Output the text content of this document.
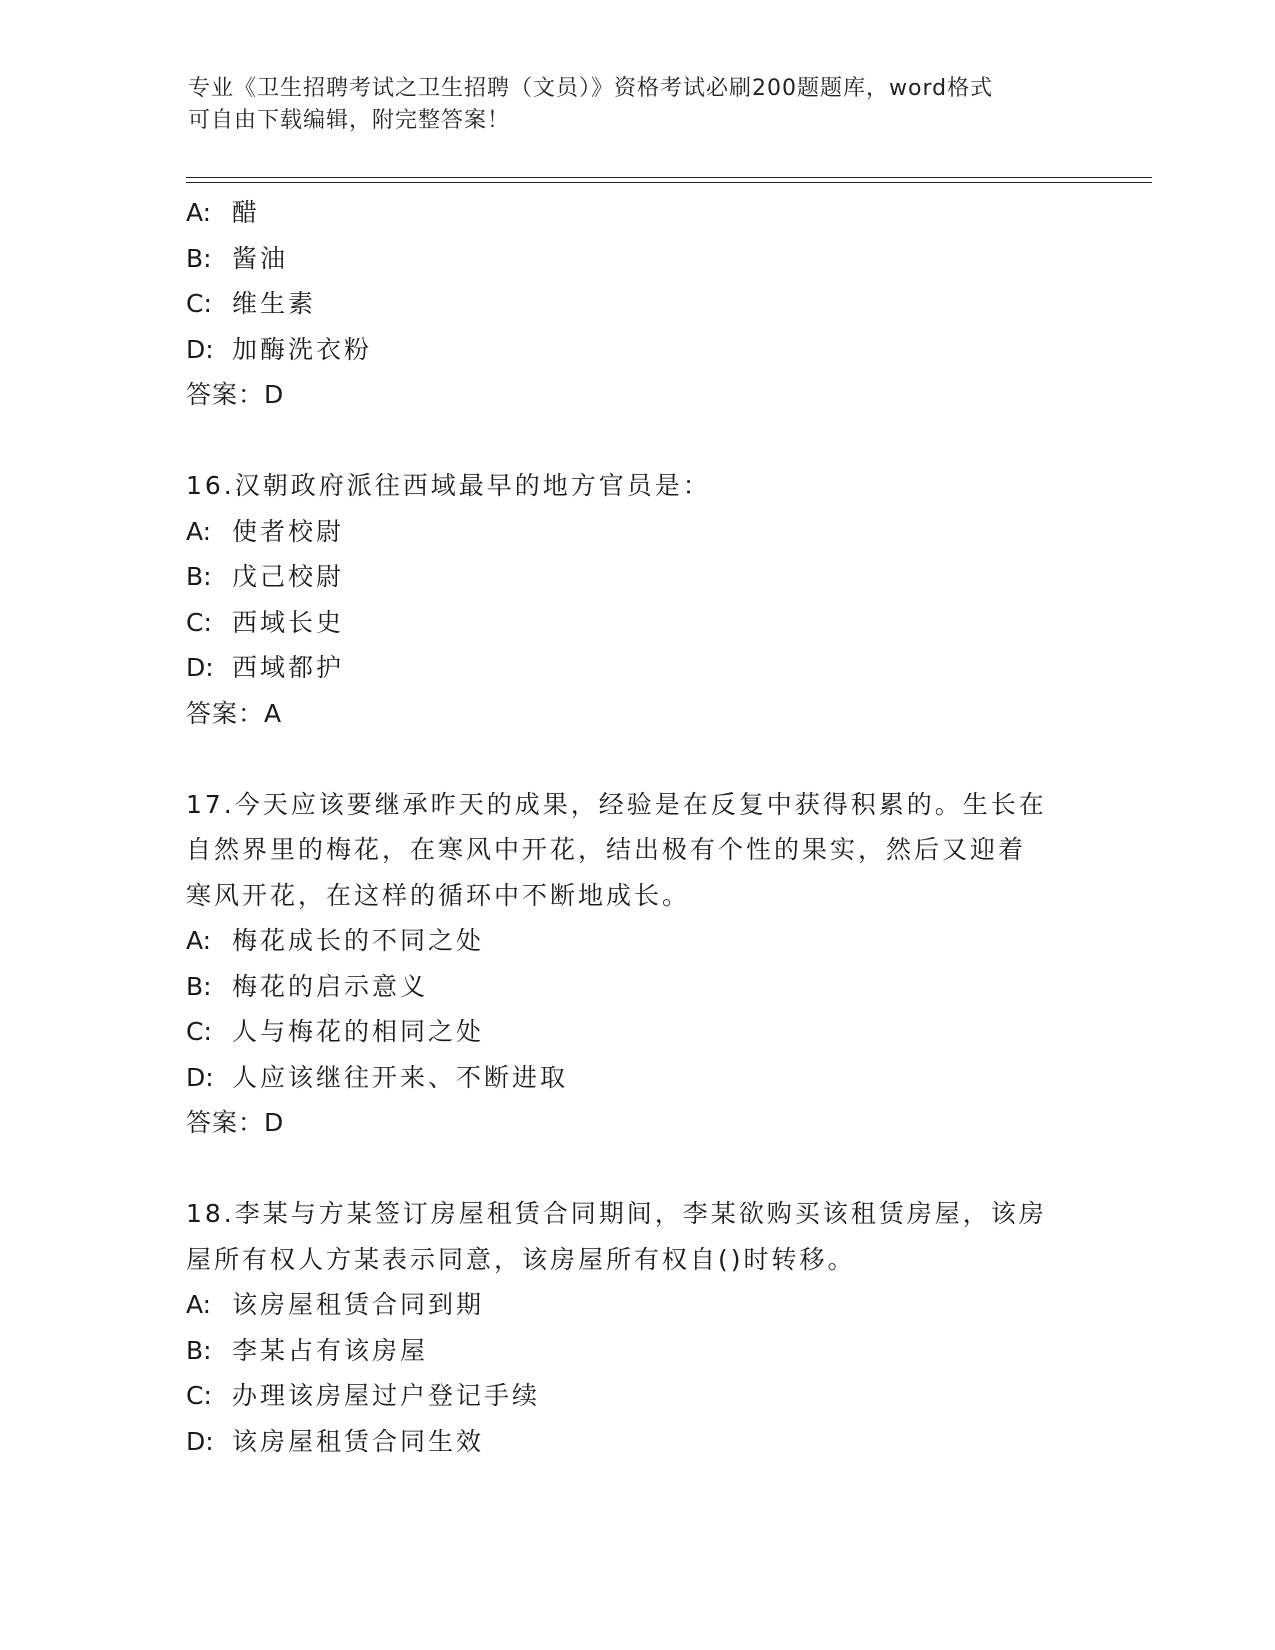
专业《卫生招聘考试之卫生招聘（文员）》资格考试必刷200题题库，word格式
可自由下载编辑，附完整答案！
A: 醋
B: 酱油
C: 维生素
D: 加酶洗衣粉
答案：D
16.汉朝政府派往西域最早的地方官员是：
A: 使者校尉
B: 戊己校尉
C: 西域长史
D: 西域都护
答案：A
17.今天应该要继承昨天的成果，经验是在反复中获得积累的。生长在
自然界里的梅花，在寒风中开花，结出极有个性的果实，然后又迎着
寒风开花，在这样的循环中不断地成长。
A: 梅花成长的不同之处
B: 梅花的启示意义
C: 人与梅花的相同之处
D: 人应该继往开来、不断进取
答案：D
18.李某与方某签订房屋租赁合同期间，李某欲购买该租赁房屋，该房
屋所有权人方某表示同意，该房屋所有权自()时转移。
A: 该房屋租赁合同到期
B: 李某占有该房屋
C: 办理该房屋过户登记手续
D: 该房屋租赁合同生效
